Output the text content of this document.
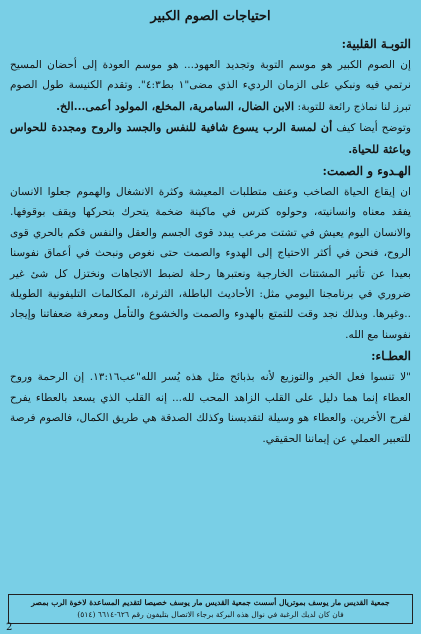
احتياجات الصوم الكبير
التوبـة القلبية:

إن الصوم الكبير هو موسم التوبة وتجديد العهود... هو موسم العودة إلى أحضان المسيح نرتمي فيه ونبكي على الزمان الرديء الذي مضى"١ بط٤:٣". وتقدم الكنيسة طول الصوم تبرز لنا نماذج رائعة للتوبة: الابن الضال، السامرية، المخلع، المولود أعمى...الخ.

وتوضح أيضا كيف أن لمسة الرب يسوع شافية للنفس والجسد والروح ومجددة للحواس وباعثة للحياة.

الهـدوء و الصمت:

ان إيقاع الحياة الصاخب وعنف متطلبات المعيشة وكثرة الانشغال والهموم جعلوا الانسان يفقد معناه وانسانيته، وحولوه كترس في ماكينة ضخمة يتحرك بتحركها ويقف بوقوفها. والانسان اليوم يعيش في تشتت مرعب يبدد قوى الجسم والعقل والنفس فكم بالحري قوى الروح، فنحن في أكثر الاحتياج إلى الهدوء والصمت حتى نغوص ونبحث في أعماق نفوسنا بعيدا عن تأثير المشتتات الخارجية ونعتبرها رحلة لضبط الاتجاهات ونختزل كل شئ غير ضروري في برنامجنا اليومي مثل: الأحاديث الباطلة، الثرثرة، المكالمات التليفونية الطويلة ..وغيرها. وبذلك نجد وقت للتمتع بالهدوء والصمت والخشوع والتأمل ومعرفة ضعفاتنا وإيجاد نفوسنا مع الله.

العطـاء:

"لا تنسوا فعل الخير والتوزيع لأنه بذبائح مثل هذه يُسر الله"عب١٣:١٦. إن الرحمة وروح العطاء إنما هما دليل على القلب الزاهد المحب لله... إنه القلب الذي يسعد بالعطاء يفرح لفرح الأخرين. والعطاء هو وسيلة لتقديسنا وكذلك الصدقة هي طريق الكمال، فالصوم فرصة للتعبير العملي عن إيماننا الحقيقي.

جمعية القديس مار يوسف بموتريال أسست جمعية القديس مار يوسف خصيصا لتقديم المساعدة لاخوة الرب بمصر
فان كان لديك الرغبة في نوال هذه البركة برجاء الاتصال بتليفون رقم ٦٢٦-٦٦١٤ (٥١٤)
2
